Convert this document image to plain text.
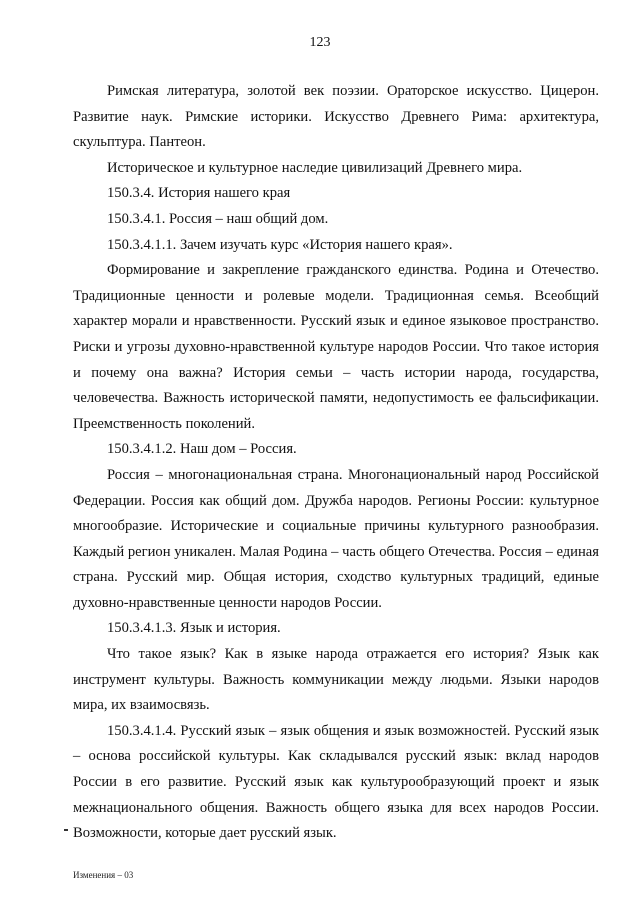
123

Римская литература, золотой век поэзии. Ораторское искусство. Цицерон. Развитие наук. Римские историки. Искусство Древнего Рима: архитектура, скульптура. Пантеон.

Историческое и культурное наследие цивилизаций Древнего мира.

150.3.4. История нашего края

150.3.4.1. Россия – наш общий дом.

150.3.4.1.1. Зачем изучать курс «История нашего края».

Формирование и закрепление гражданского единства. Родина и Отечество. Традиционные ценности и ролевые модели. Традиционная семья. Всеобщий характер морали и нравственности. Русский язык и единое языковое пространство. Риски и угрозы духовно-нравственной культуре народов России. Что такое история и почему она важна? История семьи – часть истории народа, государства, человечества. Важность исторической памяти, недопустимость ее фальсификации. Преемственность поколений.

150.3.4.1.2. Наш дом – Россия.

Россия – многонациональная страна. Многонациональный народ Российской Федерации. Россия как общий дом. Дружба народов. Регионы России: культурное многообразие. Исторические и социальные причины культурного разнообразия. Каждый регион уникален. Малая Родина – часть общего Отечества. Россия – единая страна. Русский мир. Общая история, сходство культурных традиций, единые духовно-нравственные ценности народов России.

150.3.4.1.3. Язык и история.

Что такое язык? Как в языке народа отражается его история? Язык как инструмент культуры. Важность коммуникации между людьми. Языки народов мира, их взаимосвязь.

150.3.4.1.4. Русский язык – язык общения и язык возможностей. Русский язык – основа российской культуры. Как складывался русский язык: вклад народов России в его развитие. Русский язык как культурообразующий проект и язык межнационального общения. Важность общего языка для всех народов России. Возможности, которые дает русский язык.

Изменения – 03
